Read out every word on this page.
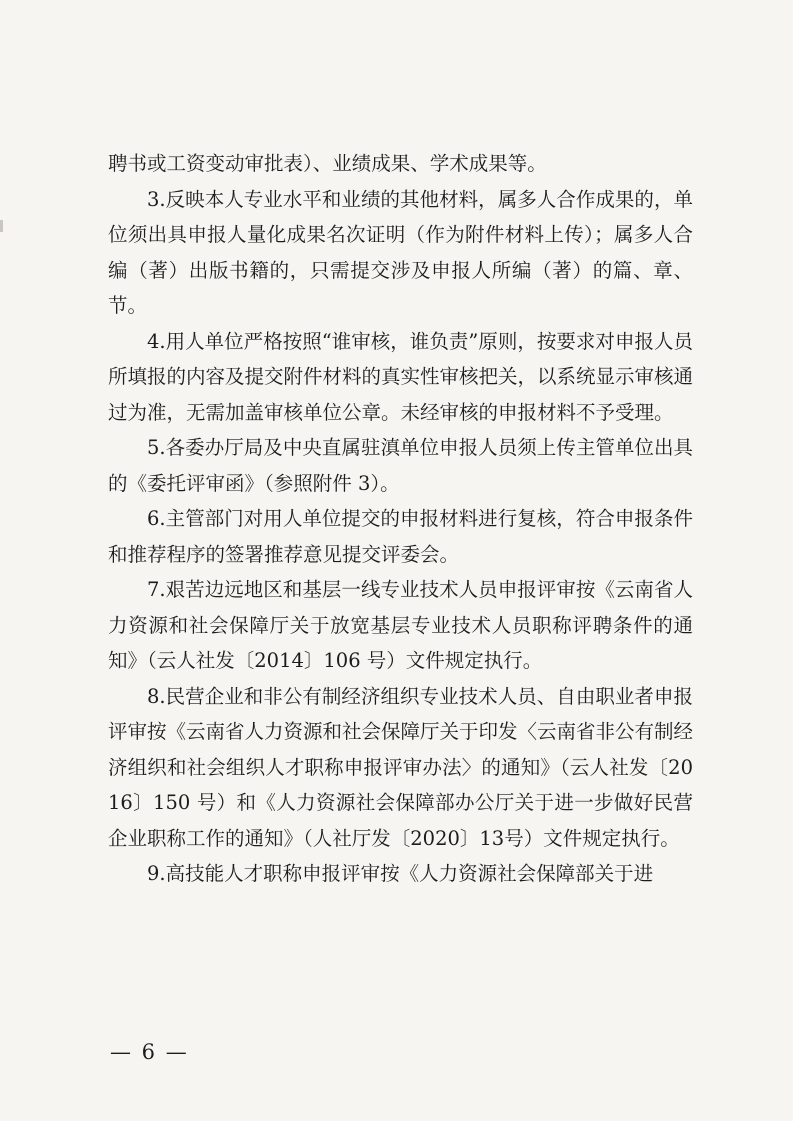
聘书或工资变动审批表）、业绩成果、学术成果等。

3.反映本人专业水平和业绩的其他材料，属多人合作成果的，单位须出具申报人量化成果名次证明（作为附件材料上传）；属多人合编（著）出版书籍的，只需提交涉及申报人所编（著）的篇、章、节。

4.用人单位严格按照“谁审核，谁负责”原则，按要求对申报人员所填报的内容及提交附件材料的真实性审核把关，以系统显示审核通过为准，无需加盖审核单位公章。未经审核的申报材料不予受理。

5.各委办厅局及中央直属驻滇单位申报人员须上传主管单位出具的《委托评审函》（参照附件 3）。

6.主管部门对用人单位提交的申报材料进行复核，符合申报条件和推荐程序的签署推荐意见提交评委会。

7.艰苦边远地区和基层一线专业技术人员申报评审按《云南省人力资源和社会保障厅关于放宽基层专业技术人员职称评聘条件的通知》（云人社发〔2014〕106 号）文件规定执行。

8.民营企业和非公有制经济组织专业技术人员、自由职业者申报评审按《云南省人力资源和社会保障厅关于印发〈云南省非公有制经济组织和社会组织人才职称申报评审办法〉的通知》（云人社发〔2016〕150 号）和《人力资源社会保障部办公厅关于进一步做好民营企业职称工作的通知》（人社厅发〔2020〕13号）文件规定执行。

9.高技能人才职称申报评审按《人力资源社会保障部关于进

— 6 —
